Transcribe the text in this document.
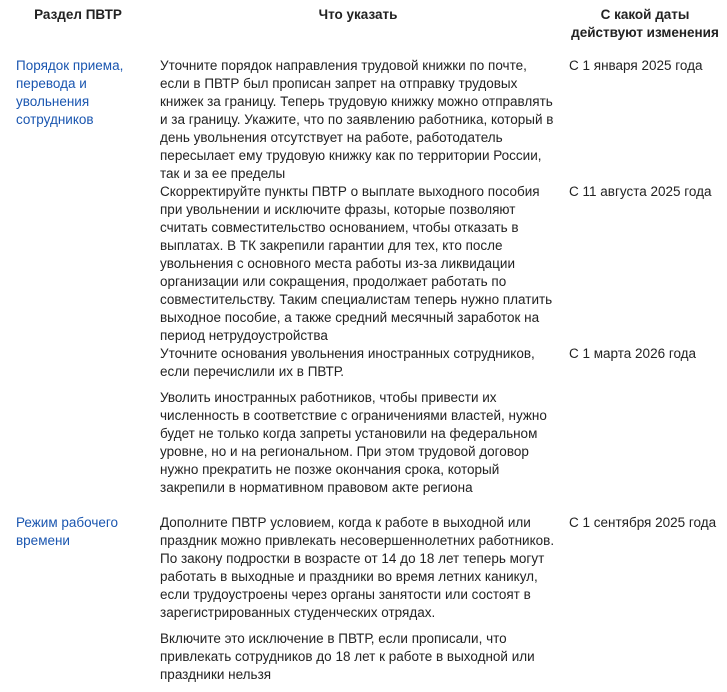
Раздел ПВТР	Что указать	С какой даты действуют изменения
Порядок приема, перевода и увольнения сотрудников

Уточните порядок направления трудовой книжки по почте, если в ПВТР был прописан запрет на отправку трудовых книжек за границу. Теперь трудовую книжку можно отправлять и за границу. Укажите, что по заявлению работника, который в день увольнения отсутствует на работе, работодатель пересылает ему трудовую книжку как по территории России, так и за ее пределы

С 1 января 2025 года

Скорректируйте пункты ПВТР о выплате выходного пособия при увольнении и исключите фразы, которые позволяют считать совместительство основанием, чтобы отказать в выплатах. В ТК закрепили гарантии для тех, кто после увольнения с основного места работы из-за ликвидации организации или сокращения, продолжает работать по совместительству. Таким специалистам теперь нужно платить выходное пособие, а также средний месячный заработок на период нетрудоустройства

С 11 августа 2025 года

Уточните основания увольнения иностранных сотрудников, если перечислили их в ПВТР.

Уволить иностранных работников, чтобы привести их численность в соответствие с ограничениями властей, нужно будет не только когда запреты установили на федеральном уровне, но и на региональном. При этом трудовой договор нужно прекратить не позже окончания срока, который закрепили в нормативном правовом акте региона

С 1 марта 2026 года
Режим рабочего времени

Дополните ПВТР условием, когда к работе в выходной или праздник можно привлекать несовершеннолетних работников. По закону подростки в возрасте от 14 до 18 лет теперь могут работать в выходные и праздники во время летних каникул, если трудоустроены через органы занятости или состоят в зарегистрированных студенческих отрядах.

Включите это исключение в ПВТР, если прописали, что привлекать сотрудников до 18 лет к работе в выходной или праздники нельзя

С 1 сентября 2025 года
